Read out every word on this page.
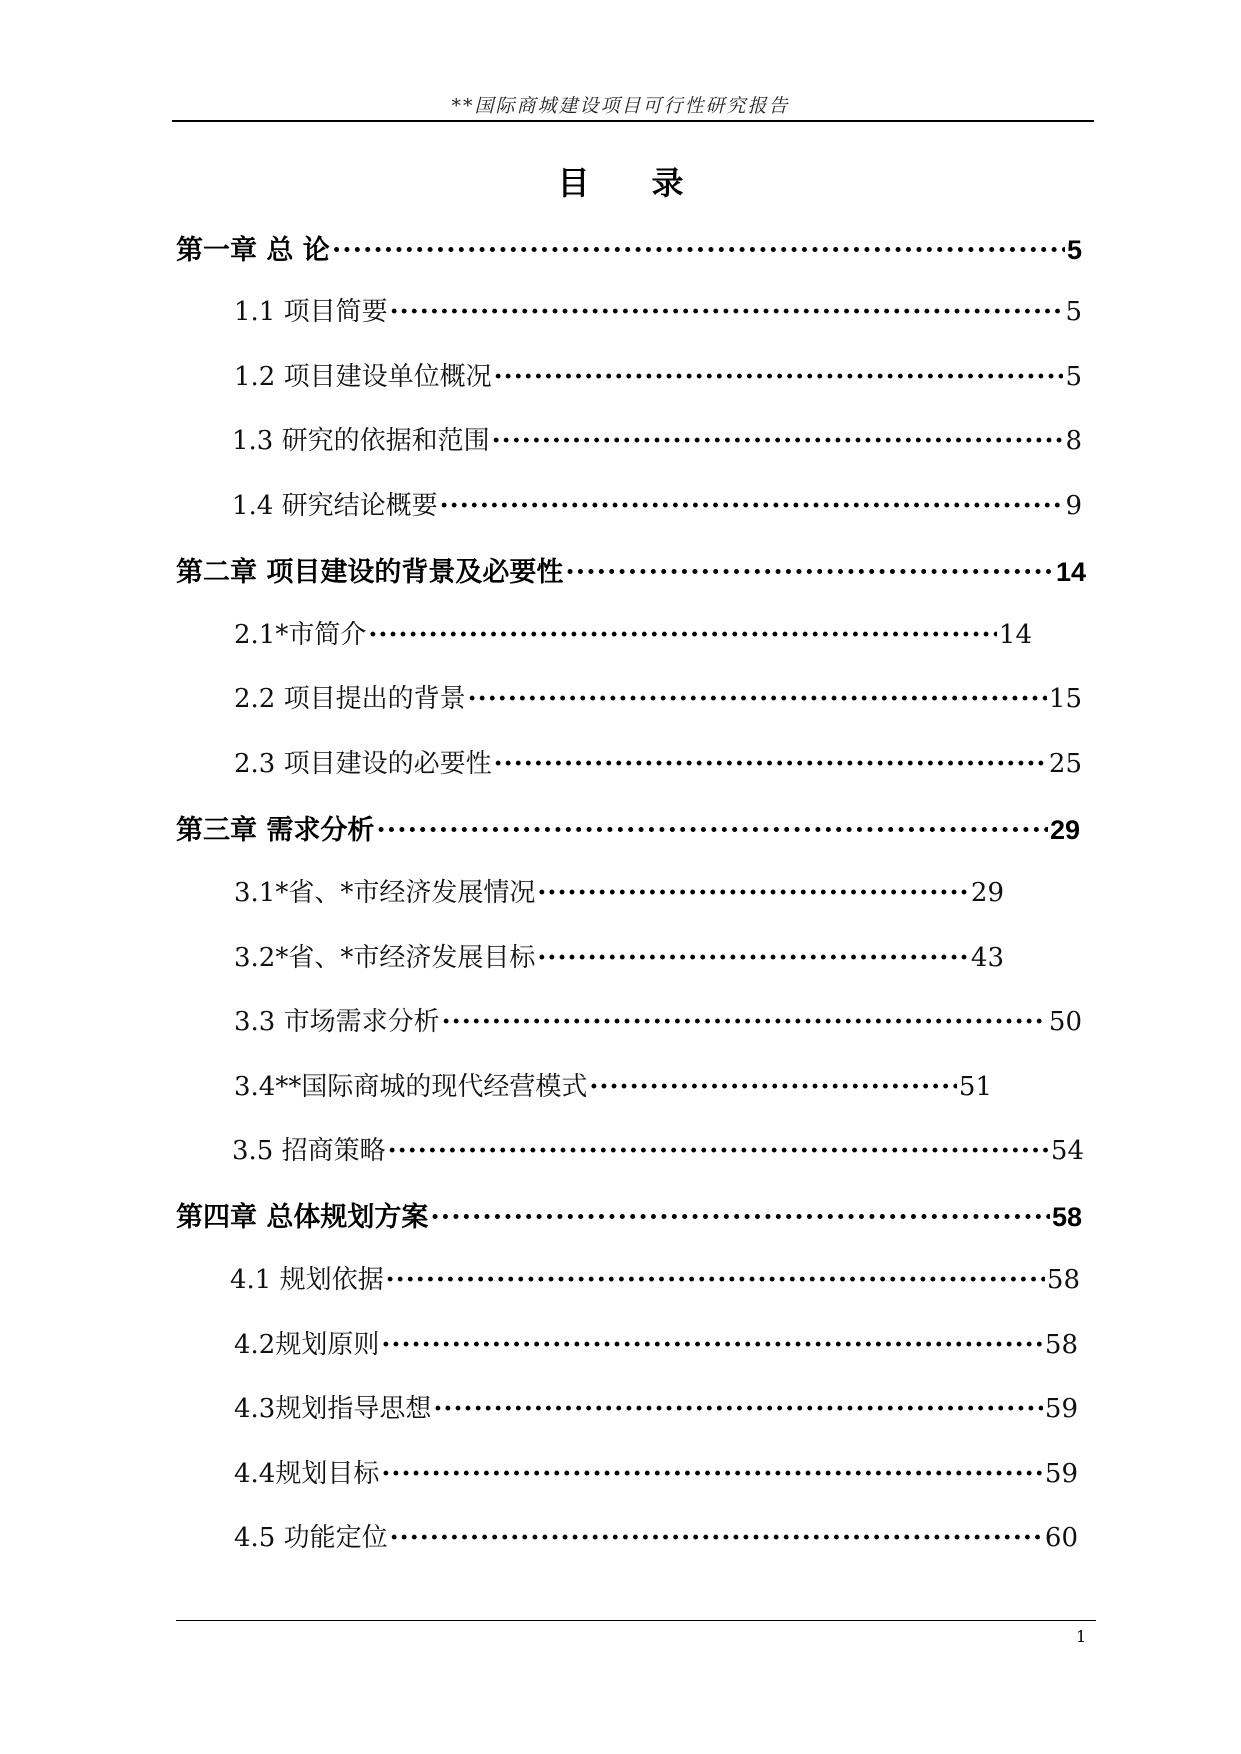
**国际商城建设项目可行性研究报告
目录
第一章 总 论 ·····	5
1.1 项目简要 ·····	5
1.2 项目建设单位概况 ·····	5
1.3 研究的依据和范围 ·····	8
1.4 研究结论概要 ·····	9
第二章 项目建设的背景及必要性 ·····	14
2.1*市简介 ·····	14
2.2 项目提出的背景 ·····	15
2.3 项目建设的必要性 ·····	25
第三章 需求分析 ·····	29
3.1*省、*市经济发展情况 ·····	29
3.2*省、*市经济发展目标 ·····	43
3.3 市场需求分析 ·····	50
3.4**国际商城的现代经营模式 ·····	51
3.5 招商策略 ·····	54
第四章 总体规划方案 ·····	58
4.1 规划依据 ·····	58
4.2规划原则 ·····	58
4.3规划指导思想 ·····	59
4.4规划目标 ·····	59
4.5 功能定位 ·····	60
1
